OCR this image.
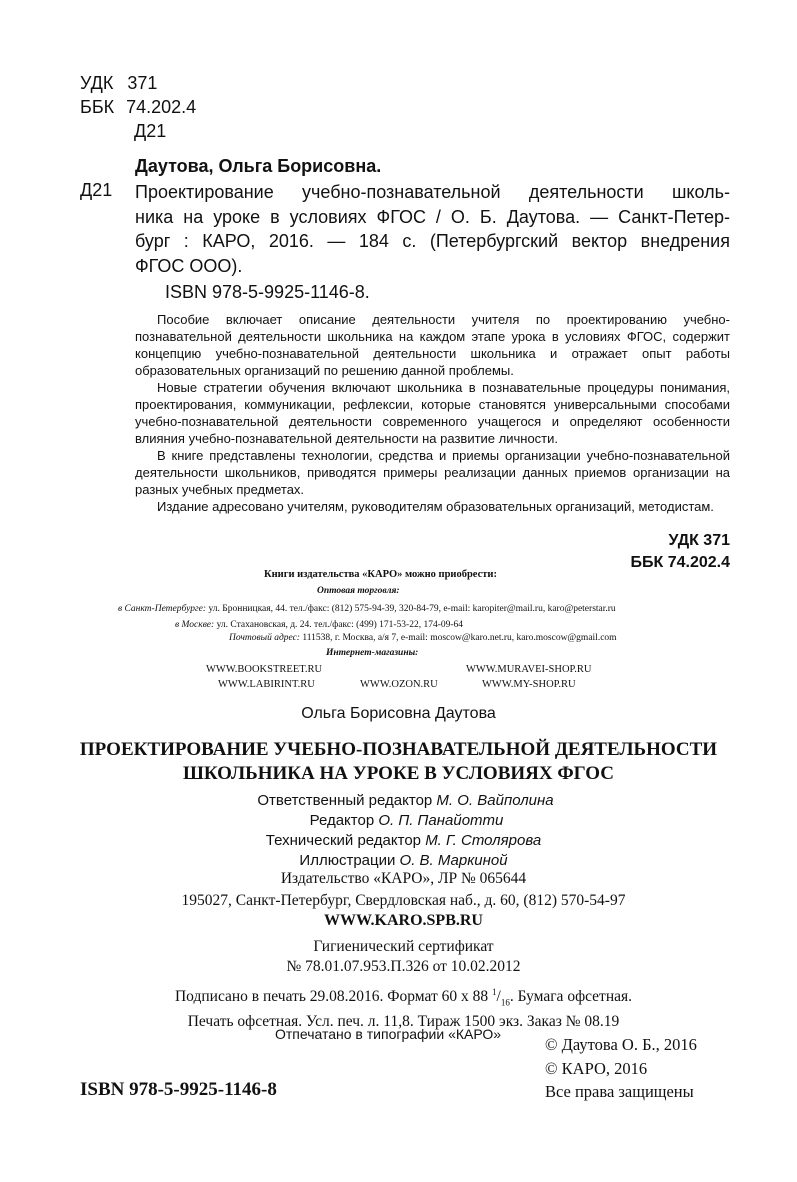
УДК 371
ББК 74.202.4
Д21
Даутова, Ольга Борисовна.
Д21 Проектирование учебно-познавательной деятельности школь-
ника на уроке в условиях ФГОС / О. Б. Даутова. — Санкт-Петер-
бург : КАРО, 2016. — 184 с. (Петербургский вектор внедрения
ФГОС ООО).
ISBN 978-5-9925-1146-8.

Пособие включает описание деятельности учителя по проектированию учебно-познавательной деятельности школьника на каждом этапе урока в условиях ФГОС, содержит концепцию учебно-познавательной деятельности школьника и отражает опыт работы образовательных организаций по решению данной проблемы.

Новые стратегии обучения включают школьника в познавательные процедуры понимания, проектирования, коммуникации, рефлексии, которые становятся универсальными способами учебно-познавательной деятельности современного учащегося и определяют особенности влияния учебно-познавательной деятельности на развитие личности.

В книге представлены технологии, средства и приемы организации учебно-познавательной деятельности школьников, приводятся примеры реализации данных приемов организации на разных учебных предметах.

Издание адресовано учителям, руководителям образовательных организаций, методистам.

УДК 371
ББК 74.202.4
Книги издательства «КАРО» можно приобрести:
Оптовая торговля:
в Санкт-Петербурге: ул. Бронницкая, 44. тел./факс: (812) 575-94-39, 320-84-79, e-mail: karopiter@mail.ru, karo@peterstar.ru
в Москве: ул. Стахановская, д. 24. тел./факс: (499) 171-53-22, 174-09-64
Почтовый адрес: 111538, г. Москва, а/я 7, e-mail: moscow@karo.net.ru, karo.moscow@gmail.com
Интернет-магазины:
WWW.BOOKSTREET.RU	WWW.MURAVEI-SHOP.RU
WWW.LABIRINT.RU	WWW.OZON.RU	WWW.MY-SHOP.RU
Ольга Борисовна Даутова
ПРОЕКТИРОВАНИЕ УЧЕБНО-ПОЗНАВАТЕЛЬНОЙ ДЕЯТЕЛЬНОСТИ
ШКОЛЬНИКА НА УРОКЕ В УСЛОВИЯХ ФГОС
Ответственный редактор М. О. Вайполина
Редактор О. П. Панайотти
Технический редактор М. Г. Столярова
Иллюстрации О. В. Маркиной
Издательство «КАРО», ЛР № 065644
195027, Санкт-Петербург, Свердловская наб., д. 60, (812) 570-54-97
WWW.KARO.SPB.RU
Гигиенический сертификат
№ 78.01.07.953.П.326 от 10.02.2012
Подписано в печать 29.08.2016. Формат 60 х 88 $^1/_{16}$. Бумага офсетная.
Печать офсетная. Усл. печ. л. 11,8. Тираж 1500 экз. Заказ № 08.19
Отпечатано в типографии «КАРО»
© Даутова О. Б., 2016
© КАРО, 2016
Все права защищены
ISBN 978-5-9925-1146-8
